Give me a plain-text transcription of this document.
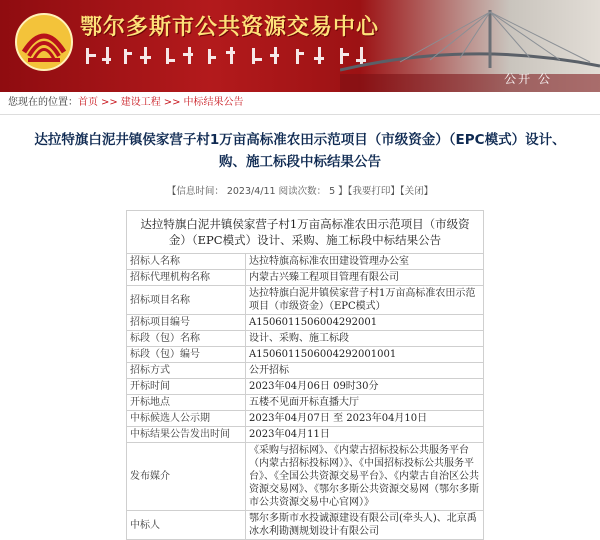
鄂尔多斯市公共资源交易中心
公开 公
您现在的位置：首页 >> 建设工程 >> 中标结果公告
达拉特旗白泥井镇侯家营子村1万亩高标准农田示范项目（市级资金）（EPC模式）设计、购、施工标段中标结果公告
【信息时间： 2023/4/11 阅读次数： 5 】【我要打印】【关闭】
达拉特旗白泥井镇侯家营子村1万亩高标准农田示范项目（市级资金）（EPC模式）设计、采购、施工标段中标结果公告	
招标人名称	达拉特旗高标准农田建设管理办公室
招标代理机构名称	内蒙古兴臻工程项目管理有限公司
招标项目名称	达拉特旗白泥井镇侯家营子村1万亩高标准农田示范项目（市级资金）（EPC模式）
招标项目编号	A1506011506004292001
标段（包）名称	设计、采购、施工标段
标段（包）编号	A1506011506004292001001
招标方式	公开招标
开标时间	2023年04月06日 09时30分
开标地点	五楼不见面开标直播大厅
中标候选人公示期	2023年04月07日 至 2023年04月10日
中标结果公告发出时间	2023年04月11日
发布媒介	《采购与招标网》、《内蒙古招标投标公共服务平台（内蒙古招标投标网）》、《中国招标投标公共服务平台》、《全国公共资源交易平台》、《内蒙古自治区公共资源交易网》、《鄂尔多斯公共资源交易网（鄂尔多斯市公共资源交易中心官网）》
中标人	鄂尔多斯市水投诚源建设有限公司(牵头人)、北京禹冰水利勘测规划设计有限公司
